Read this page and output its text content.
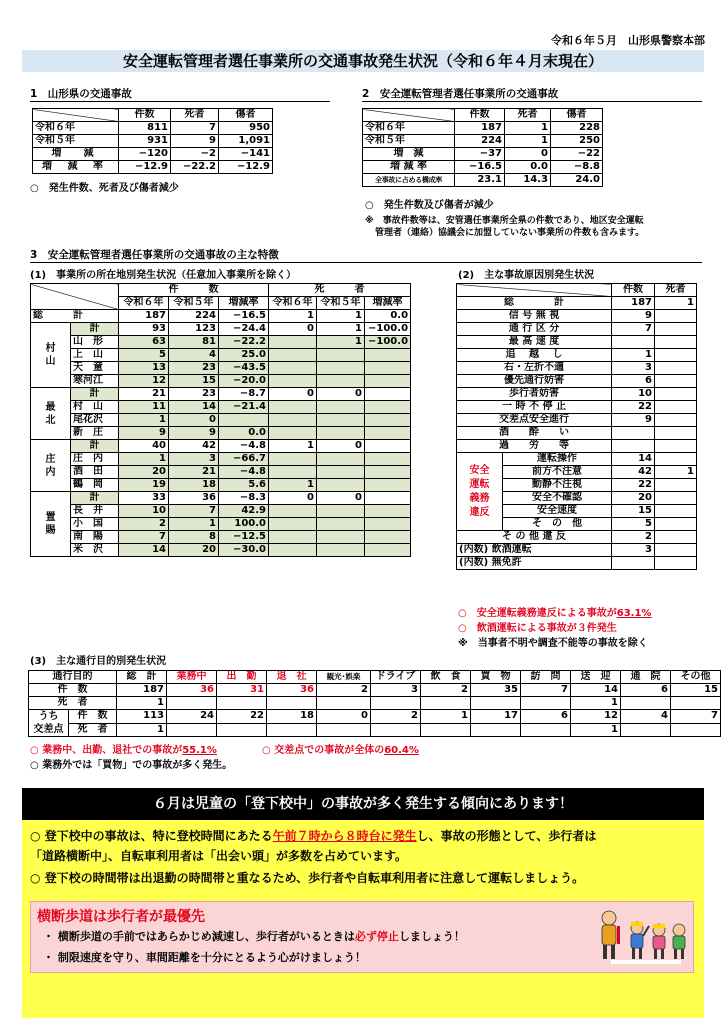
令和６年５月　山形県警察本部
安全運転管理者選任事業所の交通事故発生状況（令和６年４月末現在）
1　山形県の交通事故
	件数	死者	傷者
令和６年	811	7	950
令和５年	931	9	1,091
増　減	−120	−2	−141
増 減 率	−12.9	−22.2	−12.9
○　発生件数、死者及び傷者減少
2　安全運転管理者選任事業所の交通事故
	件数	死者	傷者
令和６年	187	1	228
令和５年	224	1	250
増　減	−37	0	−22
増 減 率	−16.5	0.0	−8.8
全事故に占める構成率	23.1	14.3	24.0
○　発生件数及び傷者が減少
※　事故件数等は、安管選任事業所全県の件数であり、地区安全運転
管理者（連絡）協議会に加盟していない事業所の件数も含みます。
3　安全運転管理者選任事業所の交通事故の主な特徴
(1)　事業所の所在地別発生状況（任意加入事業所を除く）
		件　　　数			死　　　者		
		令和６年	令和５年	増減率	令和６年	令和５年	増減率
総　　　計		187	224	−16.5	1	1	0.0
村山	計	93	123	−24.4	0	1	−100.0
	山　形	63	81	−22.2		1	−100.0
	上　山	5	4	25.0			
	天　童	13	23	−43.5			
	寒河江	12	15	−20.0			
最北	計	21	23	−8.7	0	0	
	村　山	11	14	−21.4			
	尾花沢	1	0				
	新　庄	9	9	0.0			
庄内	計	40	42	−4.8	1	0	
	庄　内	1	3	−66.7			
	酒　田	20	21	−4.8			
	鶴　岡	19	18	5.6	1		
置賜	計	33	36	−8.3	0	0	
	長　井	10	7	42.9			
	小　国	2	1	100.0			
	南　陽	7	8	−12.5			
	米　沢	14	20	−30.0			
(2)　主な事故原因別発生状況
		件数	死者
総　　　　計		187	1
信 号 無 視		9	
通 行 区 分		7	
最 高 速 度			
追　 越　 し		1	
右・左折不適		3	
優先通行妨害		6	
歩行者妨害		10	
一 時 不 停 止		22	
交差点安全進行		9	
酒　　酔　　い			
過　　労　　等			
安全運転義務違反	運転操作	14	
	前方不注意	42	1
	動静不注視	22	
	安全不確認	20	
	安全速度	15	
	そ　の　他	5	
そ の 他 違 反		2	
(内数) 飲酒運転		3	
(内数) 無免許			
○　安全運転義務違反による事故が63.1%
○　飲酒運転による事故が３件発生
※　当事者不明や調査不能等の事故を除く
(3)　主な通行目的別発生状況
通行目的		総　計	業務中	出　勤	退　社	観光･娯楽	ドライブ	飲　食	買　物	訪　問	送　迎	通　院	その他
件　数		187	36	31	36	2	3	2	35	7	14	6	15
死　者		1									1		
うち
交差点	件　数	113	24	22	18	0	2	1	17	6	12	4	7
	死　者	1									1		
○ 業務中、出勤、退社での事故が55.1%	○ 交差点での事故が全体の60.4%
○ 業務外では「買物」での事故が多く発生。
６月は児童の「登下校中」の事故が多く発生する傾向にあります！
○ 登下校中の事故は、特に登校時間にあたる午前７時から８時台に発生し、事故の形態として、歩行者は
「道路横断中」、自転車利用者は「出会い頭」が多数を占めています。
○ 登下校の時間帯は出退勤の時間帯と重なるため、歩行者や自転車利用者に注意して運転しましょう。
横断歩道は歩行者が最優先
・ 横断歩道の手前ではあらかじめ減速し、歩行者がいるときは必ず停止しましょう！
・ 制限速度を守り、車間距離を十分にとるよう心がけましょう！
